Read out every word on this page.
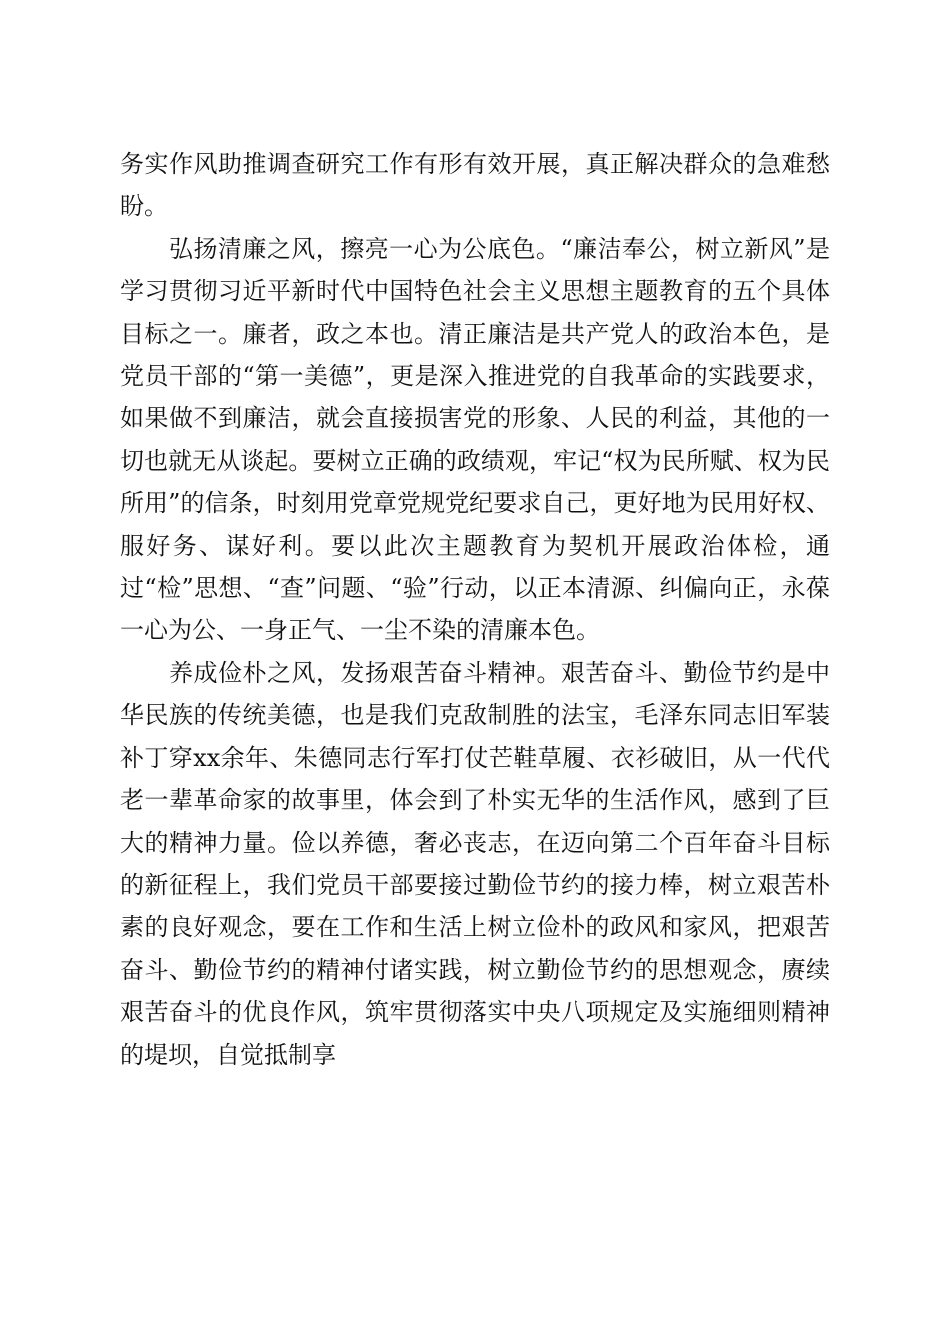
务实作风助推调查研究工作有形有效开展，真正解决群众的急难愁盼。

弘扬清廉之风，擦亮一心为公底色。“廉洁奉公，树立新风”是学习贯彻习近平新时代中国特色社会主义思想主题教育的五个具体目标之一。廉者，政之本也。清正廉洁是共产党人的政治本色，是党员干部的“第一美德”，更是深入推进党的自我革命的实践要求，如果做不到廉洁，就会直接损害党的形象、人民的利益，其他的一切也就无从谈起。要树立正确的政绩观，牢记“权为民所赋、权为民所用”的信条，时刻用党章党规党纪要求自己，更好地为民用好权、服好务、谋好利。要以此次主题教育为契机开展政治体检，通过“检”思想、“查”问题、“验”行动，以正本清源、纠偏向正，永葆一心为公、一身正气、一尘不染的清廉本色。

养成俭朴之风，发扬艰苦奋斗精神。艰苦奋斗、勤俭节约是中华民族的传统美德，也是我们克敌制胜的法宝，毛泽东同志旧军装补丁穿xx余年、朱德同志行军打仗芒鞋草履、衣衫破旧，从一代代老一辈革命家的故事里，体会到了朴实无华的生活作风，感到了巨大的精神力量。俭以养德，奢必丧志，在迈向第二个百年奋斗目标的新征程上，我们党员干部要接过勤俭节约的接力棒，树立艰苦朴素的良好观念，要在工作和生活上树立俭朴的政风和家风，把艰苦奋斗、勤俭节约的精神付诸实践，树立勤俭节约的思想观念，赓续艰苦奋斗的优良作风，筑牢贯彻落实中央八项规定及实施细则精神的堤坝，自觉抵制享
